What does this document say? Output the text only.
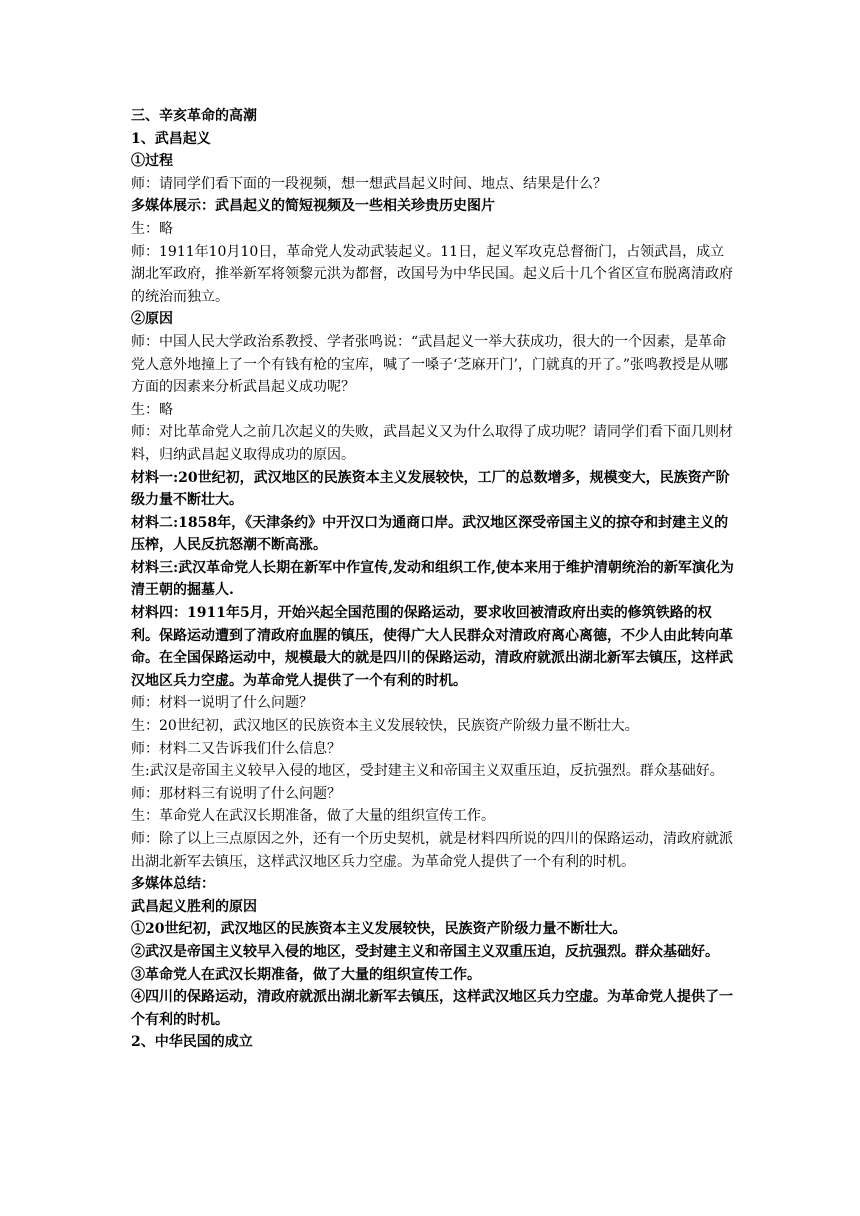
三、辛亥革命的高潮

1、武昌起义

①过程

师：请同学们看下面的一段视频，想一想武昌起义时间、地点、结果是什么？

多媒体展示：武昌起义的简短视频及一些相关珍贵历史图片

生：略

师：1911年10月10日，革命党人发动武装起义。11日，起义军攻克总督衙门，占领武昌，成立湖北军政府，推举新军将领黎元洪为都督，改国号为中华民国。起义后十几个省区宣布脱离清政府的统治而独立。

②原因

师：中国人民大学政治系教授、学者张鸣说：“武昌起义一举大获成功，很大的一个因素，是革命党人意外地撞上了一个有钱有枪的宝库，喊了一嗓子‘芝麻开门’，门就真的开了。”张鸣教授是从哪方面的因素来分析武昌起义成功呢？

生：略

师：对比革命党人之前几次起义的失败，武昌起义又为什么取得了成功呢？请同学们看下面几则材料，归纳武昌起义取得成功的原因。

材料一:20世纪初，武汉地区的民族资本主义发展较快，工厂的总数增多，规模变大，民族资产阶级力量不断壮大。

材料二:1858年，《天津条约》中开汉口为通商口岸。武汉地区深受帝国主义的掠夺和封建主义的压榨，人民反抗怒潮不断高涨。

材料三:武汉革命党人长期在新军中作宣传,发动和组织工作,使本来用于维护清朝统治的新军演化为清王朝的掘墓人.

材料四：1911年5月，开始兴起全国范围的保路运动，要求收回被清政府出卖的修筑铁路的权利。保路运动遭到了清政府血腥的镇压，使得广大人民群众对清政府离心离德，不少人由此转向革命。在全国保路运动中，规模最大的就是四川的保路运动，清政府就派出湖北新军去镇压，这样武汉地区兵力空虚。为革命党人提供了一个有利的时机。

师：材料一说明了什么问题？

生：20世纪初，武汉地区的民族资本主义发展较快，民族资产阶级力量不断壮大。

师：材料二又告诉我们什么信息？

生:武汉是帝国主义较早入侵的地区，受封建主义和帝国主义双重压迫，反抗强烈。群众基础好。

师：那材料三有说明了什么问题？

生：革命党人在武汉长期准备，做了大量的组织宣传工作。

师：除了以上三点原因之外，还有一个历史契机，就是材料四所说的四川的保路运动，清政府就派出湖北新军去镇压，这样武汉地区兵力空虚。为革命党人提供了一个有利的时机。

多媒体总结：

武昌起义胜利的原因

①20世纪初，武汉地区的民族资本主义发展较快，民族资产阶级力量不断壮大。

②武汉是帝国主义较早入侵的地区，受封建主义和帝国主义双重压迫，反抗强烈。群众基础好。

③革命党人在武汉长期准备，做了大量的组织宣传工作。

④四川的保路运动，清政府就派出湖北新军去镇压，这样武汉地区兵力空虚。为革命党人提供了一个有利的时机。

2、中华民国的成立
